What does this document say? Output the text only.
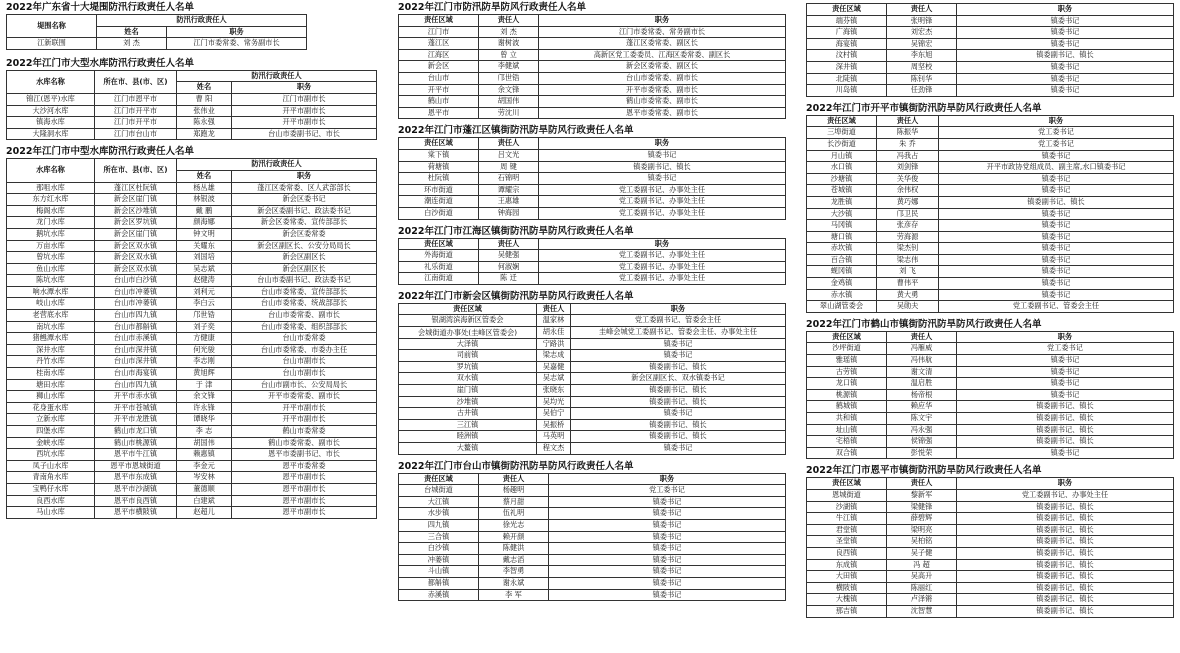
2022年广东省十大堤围防汛行政责任人名单
堤围名称	防汛行政责任人	
	姓名	职务
江新联围	刘 杰	江门市委常委、常务副市长
2022年江门市大型水库防汛行政责任人名单
水库名称	所在市、县(市、区)	防汛行政责任人	
		姓名	职务
锦江(恩平)水库	江门市恩平市	曹 阳	江门市副市长
大沙河水库	江门市开平市	张伟业	开平市副市长
镇海水库	江门市开平市	陈永强	开平市副市长
大隆洞水库	江门市台山市	郑跑龙	台山市委副书记、市长
2022年江门市中型水库防汛行政责任人名单
水库名称	所在市、县(市、区)	防汛行政责任人	
		姓名	职务
那咀水库	蓬江区杜阮镇	杨丛雄	蓬江区委常委、区人武部部长
东方红水库	新会区崖门镇	林银波	新会区委书记
梅阁水库	新会区沙堆镇	戴 鹏	新会区委副书记、政法委书记
龙门水库	新会区罗坑镇	颜海娜	新会区委常委、宣传部部长
鹅坑水库	新会区崖门镇	钟文明	新会区委常委
万亩水库	新会区双水镇	关耀东	新会区副区长、公安分局局长
曾坑水库	新会区双水镇	刘国培	新会区副区长
鱼山水库	新会区双水镇	吴志斌	新会区副区长
陈坑水库	台山市白沙镇	赵健涛	台山市委副书记、政法委书记
响水潭水库	台山市冲蒌镇	刘利元	台山市委常委、宣传部部长
岐山水库	台山市冲蒌镇	李白云	台山市委常委、统战部部长
老营底水库	台山市四九镇	邝世锆	台山市委常委、副市长
南坑水库	台山市都斛镇	刘子奕	台山市委常委、组织部部长
猪乸潭水库	台山市赤溪镇	方健康	台山市委常委
深井水库	台山市深井镇	何光骏	台山市委常委、市委办主任
丹竹水库	台山市深井镇	李志刚	台山市副市长
桂南水库	台山市海宴镇	黄旭辉	台山市副市长
塘田水库	台山市四九镇	于 津	台山市副市长、公安局局长
狮山水库	开平市赤水镇	余文锋	开平市委常委、副市长
花身蛋水库	开平市苍城镇	许永锋	开平市副市长
立新水库	开平市龙胜镇	谭晓华	开平市副市长
四堡水库	鹤山市龙口镇	李 志	鹤山市委常委
金峡水库	鹤山市桃源镇	胡国伟	鹤山市委常委、副市长
西坑水库	恩平市牛江镇	赖惠镇	恩平市委副书记、市长
凤子山水库	恩平市恩城街道	李金元	恩平市委常委
青南角水库	恩平市东成镇	岑安林	恩平市副市长
宝鸭仔水库	恩平市沙湖镇	董德顺	恩平市副市长
良西水库	恩平市良西镇	白建斌	恩平市副市长
马山水库	恩平市横陂镇	赵超儿	恩平市副市长
2022年江门市防汛防旱防风行政责任人名单
责任区域	责任人	职务
江门市	刘 杰	江门市委常委、常务副市长
蓬江区	谢树波	蓬江区委常委、副区长
江海区	曾 立	高新区党工委委员、江海区委常委、副区长
新会区	李健斌	新会区委常委、副区长
台山市	邝世锆	台山市委常委、副市长
开平市	余文锋	开平市委常委、副市长
鹤山市	胡国伟	鹤山市委常委、副市长
恩平市	劳沈川	恩平市委常委、副市长
2022年江门市蓬江区镇街防汛防旱防风行政责任人名单
责任区域	责任人	职务
棠下镇	吕文光	镇委书记
荷塘镇	周 键	镇委副书记、镇长
杜阮镇	石锦明	镇委书记
环市街道	谭耀宗	党工委副书记、办事处主任
潮连街道	王惠雄	党工委副书记、办事处主任
白沙街道	钟海园	党工委副书记、办事处主任
2022年江门市江海区镇街防汛防旱防风行政责任人名单
责任区域	责任人	职务
外海街道	吴健强	党工委副书记、办事处主任
礼乐街道	何淑娴	党工委副书记、办事处主任
江南街道	陈 迁	党工委副书记、办事处主任
2022年江门市新会区镇街防汛防旱防风行政责任人名单
责任区域	责任人	职务
银湖湾滨海新区管委会	温家林	党工委副书记、管委会主任
会城街道办事处(圭峰区管委会)	胡永佳	圭峰会城党工委副书记、管委会主任、办事处主任
大泽镇	宁路洪	镇委书记
司前镇	梁志成	镇委书记
罗坑镇	吴嘉健	镇委副书记、镇长
双水镇	吴志斌	新会区副区长、双水镇委书记
崖门镇	张晓东	镇委副书记、镇长
沙堆镇	吴均光	镇委副书记、镇长
古井镇	吴伯宁	镇委书记
三江镇	吴振桥	镇委副书记、镇长
睦洲镇	马英明	镇委副书记、镇长
大鳌镇	程文杰	镇委书记
2022年江门市台山市镇街防汛防旱防风行政责任人名单
责任区域	责任人	职务
台城街道	杨趣明	党工委书记
大江镇	蔡月甜	镇委书记
水步镇	伍礼明	镇委书记
四九镇	徐光志	镇委书记
三合镇	赖开颜	镇委书记
白沙镇	陈健洪	镇委书记
冲蒌镇	戴志滔	镇委书记
斗山镇	李智勇	镇委书记
都斛镇	谢永斌	镇委书记
赤溪镇	李 军	镇委书记
责任区域	责任人	职务
端芬镇	张明锋	镇委书记
广海镇	刘宏杰	镇委书记
海宴镇	吴锦宏	镇委书记
汶村镇	李东旭	镇委副书记、镇长
深井镇	周坚校	镇委书记
北陡镇	陈钊华	镇委书记
川岛镇	任劲锋	镇委书记
2022年江门市开平市镇街防汛防旱防风行政责任人名单
责任区域	责任人	职务
三埠街道	陈振华	党工委书记
长沙街道	朱 乔	党工委书记
月山镇	冯我占	镇委书记
水口镇	刘剑锋	开平市政协党组成员、副主席,水口镇委书记
沙塘镇	关华俊	镇委书记
苍城镇	余伟权	镇委书记
龙胜镇	黄巧娜	镇委副书记、镇长
大沙镇	邝卫民	镇委书记
马冈镇	张彦存	镇委书记
塘口镇	劳海源	镇委书记
赤坎镇	梁杰钊	镇委书记
百合镇	梁志伟	镇委书记
蚬冈镇	刘 飞	镇委书记
金鸡镇	曹伟平	镇委书记
赤水镇	黄大勇	镇委书记
翠山湖管委会	吴勋夫	党工委副书记、管委会主任
2022年江门市鹤山市镇街防汛防旱防风行政责任人名单
责任区域	责任人	职务
沙坪街道	冯雁威	党工委书记
雅瑶镇	冯伟航	镇委书记
古劳镇	谢文清	镇委书记
龙口镇	温启胜	镇委书记
桃源镇	杨帝根	镇委书记
鹤城镇	赖应华	镇委副书记、镇长
共和镇	陈文宇	镇委副书记、镇长
址山镇	冯永强	镇委副书记、镇长
宅梧镇	侯锦强	镇委副书记、镇长
双合镇	彭悦荣	镇委书记
2022年江门市恩平市镇街防汛防旱防风行政责任人名单
责任区域	责任人	职务
恩城街道	黎新军	党工委副书记、办事处主任
沙湖镇	梁健锋	镇委副书记、镇长
牛江镇	薛碧辉	镇委副书记、镇长
君堂镇	梁明亮	镇委副书记、镇长
圣堂镇	吴柏铭	镇委副书记、镇长
良西镇	吴子健	镇委副书记、镇长
东成镇	冯 超	镇委副书记、镇长
大田镇	吴高升	镇委副书记、镇长
横陂镇	陈丽红	镇委副书记、镇长
大槐镇	卢泽锵	镇委副书记、镇长
那吉镇	沈智慧	镇委副书记、镇长
